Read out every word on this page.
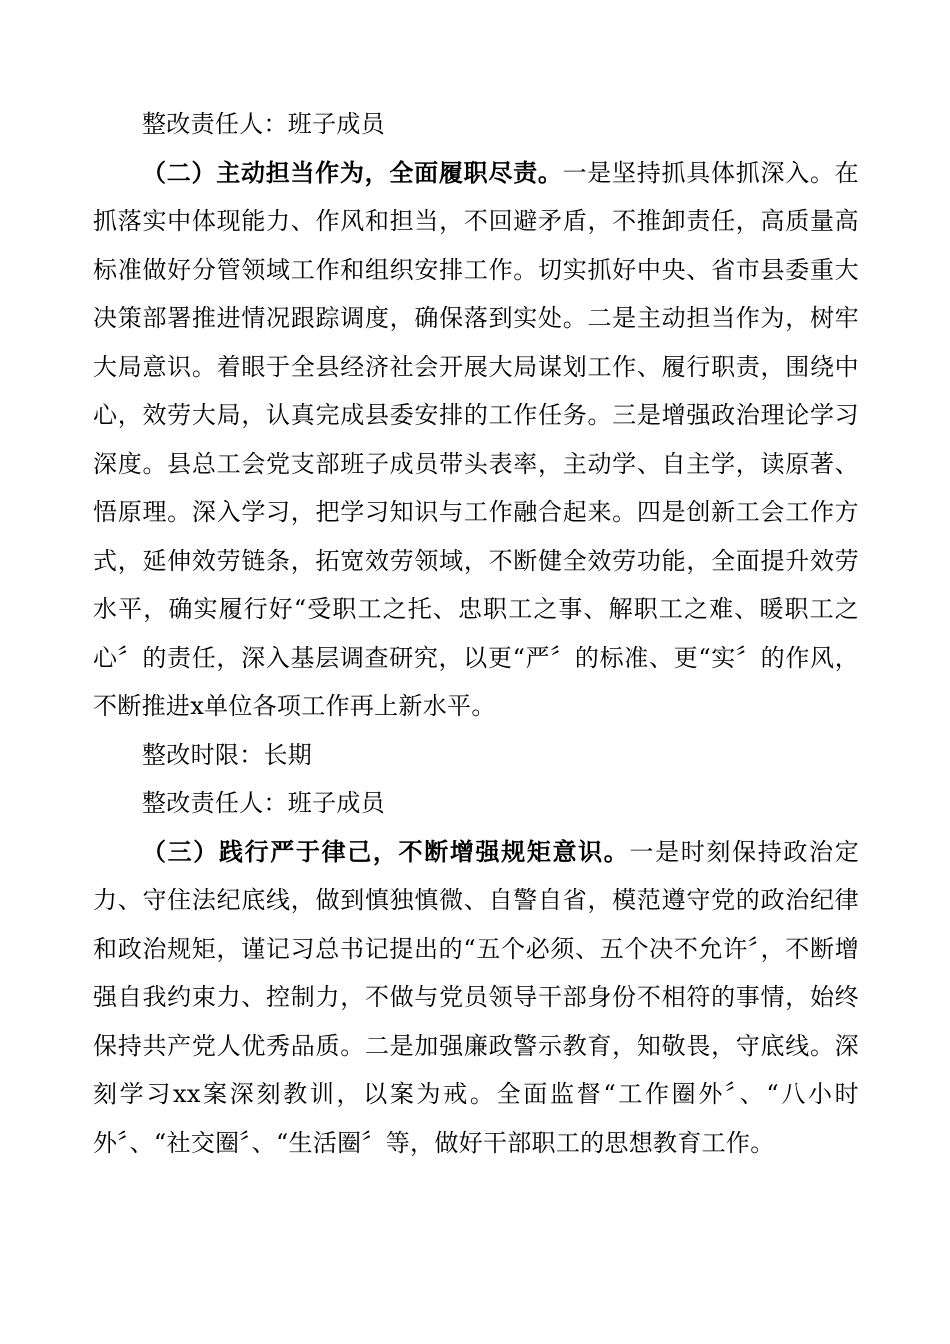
整改责任人：班子成员

（二）主动担当作为，全面履职尽责。一是坚持抓具体抓深入。在抓落实中体现能力、作风和担当，不回避矛盾，不推卸责任，高质量高标准做好分管领域工作和组织安排工作。切实抓好中央、省市县委重大决策部署推进情况跟踪调度，确保落到实处。二是主动担当作为，树牢大局意识。着眼于全县经济社会开展大局谋划工作、履行职责，围绕中心，效劳大局，认真完成县委安排的工作任务。三是增强政治理论学习深度。县总工会党支部班子成员带头表率，主动学、自主学，读原著、悟原理。深入学习，把学习知识与工作融合起来。四是创新工会工作方式，延伸效劳链条，拓宽效劳领域，不断健全效劳功能，全面提升效劳水平，确实履行好“受职工之托、忠职工之事、解职工之难、暖职工之心〞的责任，深入基层调查研究，以更“严〞的标准、更“实〞的作风，不断推进x单位各项工作再上新水平。

整改时限：长期

整改责任人：班子成员

（三）践行严于律己，不断增强规矩意识。一是时刻保持政治定力、守住法纪底线，做到慎独慎微、自警自省，模范遵守党的政治纪律和政治规矩，谨记习总书记提出的“五个必须、五个决不允许〞，不断增强自我约束力、控制力，不做与党员领导干部身份不相符的事情，始终保持共产党人优秀品质。二是加强廉政警示教育，知敬畏，守底线。深刻学习xx案深刻教训，以案为戒。全面监督“工作圈外〞、“八小时外〞、“社交圈〞、“生活圈〞等，做好干部职工的思想教育工作。
